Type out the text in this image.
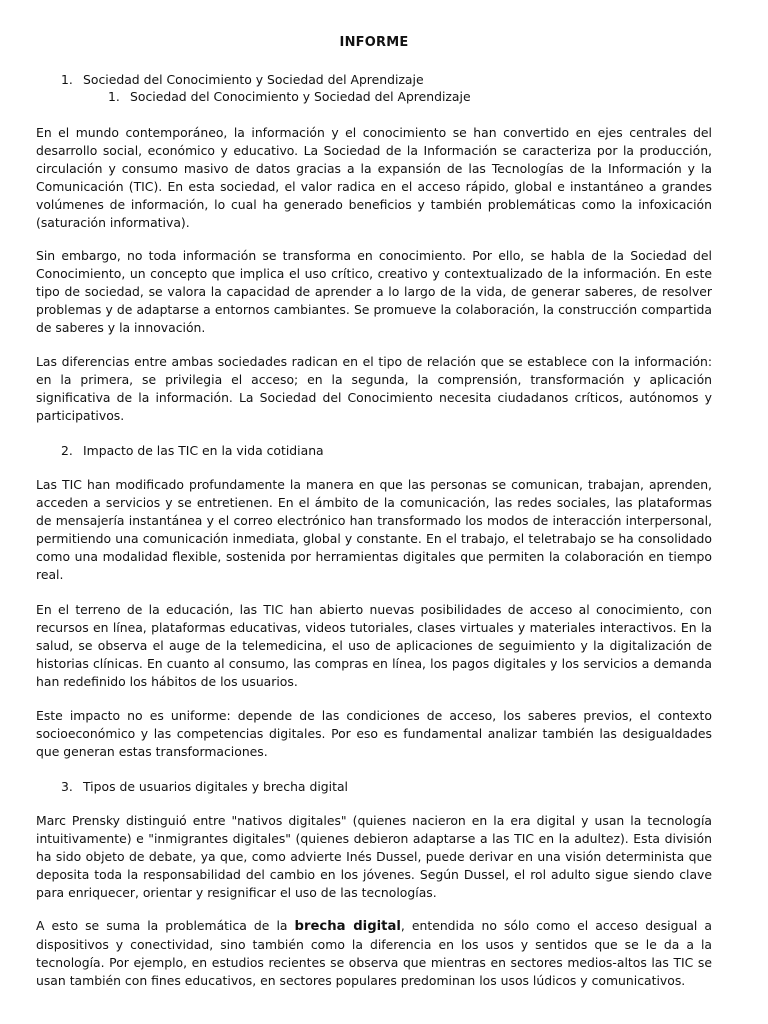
INFORME
1. Sociedad del Conocimiento y Sociedad del Aprendizaje
1. Sociedad del Conocimiento y Sociedad del Aprendizaje

En el mundo contemporáneo, la información y el conocimiento se han convertido en ejes centrales del desarrollo social, económico y educativo. La Sociedad de la Información se caracteriza por la producción, circulación y consumo masivo de datos gracias a la expansión de las Tecnologías de la Información y la Comunicación (TIC). En esta sociedad, el valor radica en el acceso rápido, global e instantáneo a grandes volúmenes de información, lo cual ha generado beneficios y también problemáticas como la infoxicación (saturación informativa).

Sin embargo, no toda información se transforma en conocimiento. Por ello, se habla de la Sociedad del Conocimiento, un concepto que implica el uso crítico, creativo y contextualizado de la información. En este tipo de sociedad, se valora la capacidad de aprender a lo largo de la vida, de generar saberes, de resolver problemas y de adaptarse a entornos cambiantes. Se promueve la colaboración, la construcción compartida de saberes y la innovación.

Las diferencias entre ambas sociedades radican en el tipo de relación que se establece con la información: en la primera, se privilegia el acceso; en la segunda, la comprensión, transformación y aplicación significativa de la información. La Sociedad del Conocimiento necesita ciudadanos críticos, autónomos y participativos.

2. Impacto de las TIC en la vida cotidiana

Las TIC han modificado profundamente la manera en que las personas se comunican, trabajan, aprenden, acceden a servicios y se entretienen. En el ámbito de la comunicación, las redes sociales, las plataformas de mensajería instantánea y el correo electrónico han transformado los modos de interacción interpersonal, permitiendo una comunicación inmediata, global y constante. En el trabajo, el teletrabajo se ha consolidado como una modalidad flexible, sostenida por herramientas digitales que permiten la colaboración en tiempo real.

En el terreno de la educación, las TIC han abierto nuevas posibilidades de acceso al conocimiento, con recursos en línea, plataformas educativas, videos tutoriales, clases virtuales y materiales interactivos. En la salud, se observa el auge de la telemedicina, el uso de aplicaciones de seguimiento y la digitalización de historias clínicas. En cuanto al consumo, las compras en línea, los pagos digitales y los servicios a demanda han redefinido los hábitos de los usuarios.

Este impacto no es uniforme: depende de las condiciones de acceso, los saberes previos, el contexto socioeconómico y las competencias digitales. Por eso es fundamental analizar también las desigualdades que generan estas transformaciones.

3. Tipos de usuarios digitales y brecha digital

Marc Prensky distinguió entre "nativos digitales" (quienes nacieron en la era digital y usan la tecnología intuitivamente) e "inmigrantes digitales" (quienes debieron adaptarse a las TIC en la adultez). Esta división ha sido objeto de debate, ya que, como advierte Inés Dussel, puede derivar en una visión determinista que deposita toda la responsabilidad del cambio en los jóvenes. Según Dussel, el rol adulto sigue siendo clave para enriquecer, orientar y resignificar el uso de las tecnologías.

A esto se suma la problemática de la brecha digital, entendida no sólo como el acceso desigual a dispositivos y conectividad, sino también como la diferencia en los usos y sentidos que se le da a la tecnología. Por ejemplo, en estudios recientes se observa que mientras en sectores medios-altos las TIC se usan también con fines educativos, en sectores populares predominan los usos lúdicos y comunicativos.
